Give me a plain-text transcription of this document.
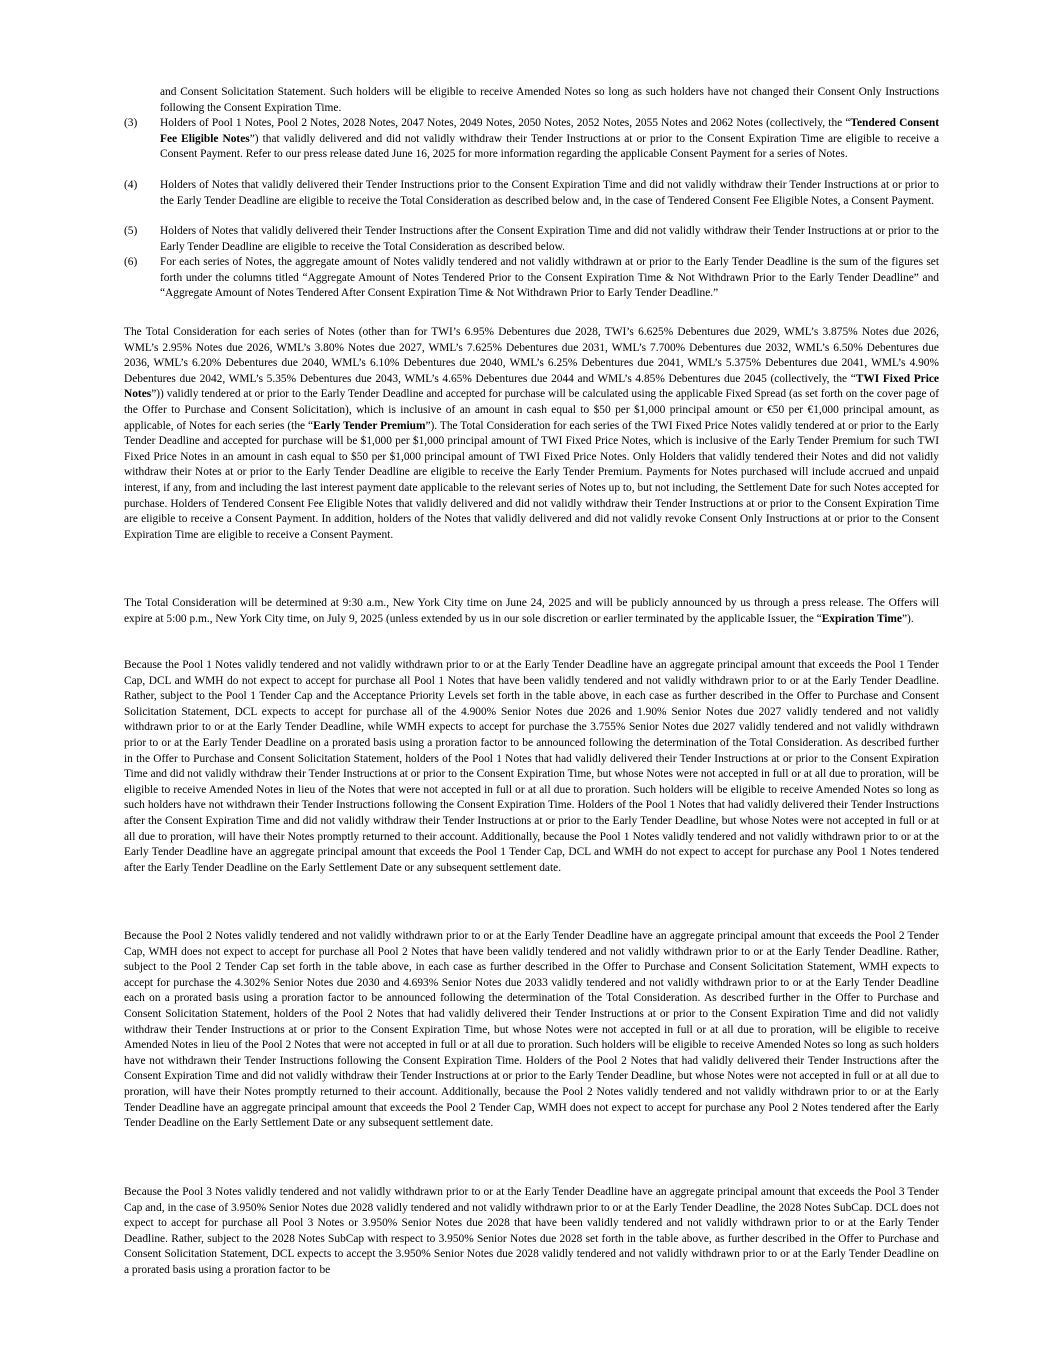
and Consent Solicitation Statement. Such holders will be eligible to receive Amended Notes so long as such holders have not changed their Consent Only Instructions following the Consent Expiration Time.

(3)	Holders of Pool 1 Notes, Pool 2 Notes, 2028 Notes, 2047 Notes, 2049 Notes, 2050 Notes, 2052 Notes, 2055 Notes and 2062 Notes (collectively, the “Tendered Consent Fee Eligible Notes”) that validly delivered and did not validly withdraw their Tender Instructions at or prior to the Consent Expiration Time are eligible to receive a Consent Payment. Refer to our press release dated June 16, 2025 for more information regarding the applicable Consent Payment for a series of Notes.
(4)	Holders of Notes that validly delivered their Tender Instructions prior to the Consent Expiration Time and did not validly withdraw their Tender Instructions at or prior to the Early Tender Deadline are eligible to receive the Total Consideration as described below and, in the case of Tendered Consent Fee Eligible Notes, a Consent Payment.
(5)	Holders of Notes that validly delivered their Tender Instructions after the Consent Expiration Time and did not validly withdraw their Tender Instructions at or prior to the Early Tender Deadline are eligible to receive the Total Consideration as described below.
(6)	For each series of Notes, the aggregate amount of Notes validly tendered and not validly withdrawn at or prior to the Early Tender Deadline is the sum of the figures set forth under the columns titled “Aggregate Amount of Notes Tendered Prior to the Consent Expiration Time & Not Withdrawn Prior to the Early Tender Deadline” and “Aggregate Amount of Notes Tendered After Consent Expiration Time & Not Withdrawn Prior to Early Tender Deadline.”

The Total Consideration for each series of Notes (other than for TWI’s 6.95% Debentures due 2028, TWI’s 6.625% Debentures due 2029, WML’s 3.875% Notes due 2026, WML’s 2.95% Notes due 2026, WML’s 3.80% Notes due 2027, WML’s 7.625% Debentures due 2031, WML’s 7.700% Debentures due 2032, WML’s 6.50% Debentures due 2036, WML’s 6.20% Debentures due 2040, WML’s 6.10% Debentures due 2040, WML’s 6.25% Debentures due 2041, WML’s 5.375% Debentures due 2041, WML’s 4.90% Debentures due 2042, WML’s 5.35% Debentures due 2043, WML’s 4.65% Debentures due 2044 and WML’s 4.85% Debentures due 2045 (collectively, the “TWI Fixed Price Notes”)) validly tendered at or prior to the Early Tender Deadline and accepted for purchase will be calculated using the applicable Fixed Spread (as set forth on the cover page of the Offer to Purchase and Consent Solicitation), which is inclusive of an amount in cash equal to $50 per $1,000 principal amount or €50 per €1,000 principal amount, as applicable, of Notes for each series (the “Early Tender Premium”). The Total Consideration for each series of the TWI Fixed Price Notes validly tendered at or prior to the Early Tender Deadline and accepted for purchase will be $1,000 per $1,000 principal amount of TWI Fixed Price Notes, which is inclusive of the Early Tender Premium for such TWI Fixed Price Notes in an amount in cash equal to $50 per $1,000 principal amount of TWI Fixed Price Notes. Only Holders that validly tendered their Notes and did not validly withdraw their Notes at or prior to the Early Tender Deadline are eligible to receive the Early Tender Premium. Payments for Notes purchased will include accrued and unpaid interest, if any, from and including the last interest payment date applicable to the relevant series of Notes up to, but not including, the Settlement Date for such Notes accepted for purchase. Holders of Tendered Consent Fee Eligible Notes that validly delivered and did not validly withdraw their Tender Instructions at or prior to the Consent Expiration Time are eligible to receive a Consent Payment. In addition, holders of the Notes that validly delivered and did not validly revoke Consent Only Instructions at or prior to the Consent Expiration Time are eligible to receive a Consent Payment.

The Total Consideration will be determined at 9:30 a.m., New York City time on June 24, 2025 and will be publicly announced by us through a press release. The Offers will expire at 5:00 p.m., New York City time, on July 9, 2025 (unless extended by us in our sole discretion or earlier terminated by the applicable Issuer, the “Expiration Time”).

Because the Pool 1 Notes validly tendered and not validly withdrawn prior to or at the Early Tender Deadline have an aggregate principal amount that exceeds the Pool 1 Tender Cap, DCL and WMH do not expect to accept for purchase all Pool 1 Notes that have been validly tendered and not validly withdrawn prior to or at the Early Tender Deadline. Rather, subject to the Pool 1 Tender Cap and the Acceptance Priority Levels set forth in the table above, in each case as further described in the Offer to Purchase and Consent Solicitation Statement, DCL expects to accept for purchase all of the 4.900% Senior Notes due 2026 and 1.90% Senior Notes due 2027 validly tendered and not validly withdrawn prior to or at the Early Tender Deadline, while WMH expects to accept for purchase the 3.755% Senior Notes due 2027 validly tendered and not validly withdrawn prior to or at the Early Tender Deadline on a prorated basis using a proration factor to be announced following the determination of the Total Consideration. As described further in the Offer to Purchase and Consent Solicitation Statement, holders of the Pool 1 Notes that had validly delivered their Tender Instructions at or prior to the Consent Expiration Time and did not validly withdraw their Tender Instructions at or prior to the Consent Expiration Time, but whose Notes were not accepted in full or at all due to proration, will be eligible to receive Amended Notes in lieu of the Notes that were not accepted in full or at all due to proration. Such holders will be eligible to receive Amended Notes so long as such holders have not withdrawn their Tender Instructions following the Consent Expiration Time. Holders of the Pool 1 Notes that had validly delivered their Tender Instructions after the Consent Expiration Time and did not validly withdraw their Tender Instructions at or prior to the Early Tender Deadline, but whose Notes were not accepted in full or at all due to proration, will have their Notes promptly returned to their account. Additionally, because the Pool 1 Notes validly tendered and not validly withdrawn prior to or at the Early Tender Deadline have an aggregate principal amount that exceeds the Pool 1 Tender Cap, DCL and WMH do not expect to accept for purchase any Pool 1 Notes tendered after the Early Tender Deadline on the Early Settlement Date or any subsequent settlement date.

Because the Pool 2 Notes validly tendered and not validly withdrawn prior to or at the Early Tender Deadline have an aggregate principal amount that exceeds the Pool 2 Tender Cap, WMH does not expect to accept for purchase all Pool 2 Notes that have been validly tendered and not validly withdrawn prior to or at the Early Tender Deadline. Rather, subject to the Pool 2 Tender Cap set forth in the table above, in each case as further described in the Offer to Purchase and Consent Solicitation Statement, WMH expects to accept for purchase the 4.302% Senior Notes due 2030 and 4.693% Senior Notes due 2033 validly tendered and not validly withdrawn prior to or at the Early Tender Deadline each on a prorated basis using a proration factor to be announced following the determination of the Total Consideration. As described further in the Offer to Purchase and Consent Solicitation Statement, holders of the Pool 2 Notes that had validly delivered their Tender Instructions at or prior to the Consent Expiration Time and did not validly withdraw their Tender Instructions at or prior to the Consent Expiration Time, but whose Notes were not accepted in full or at all due to proration, will be eligible to receive Amended Notes in lieu of the Pool 2 Notes that were not accepted in full or at all due to proration. Such holders will be eligible to receive Amended Notes so long as such holders have not withdrawn their Tender Instructions following the Consent Expiration Time. Holders of the Pool 2 Notes that had validly delivered their Tender Instructions after the Consent Expiration Time and did not validly withdraw their Tender Instructions at or prior to the Early Tender Deadline, but whose Notes were not accepted in full or at all due to proration, will have their Notes promptly returned to their account. Additionally, because the Pool 2 Notes validly tendered and not validly withdrawn prior to or at the Early Tender Deadline have an aggregate principal amount that exceeds the Pool 2 Tender Cap, WMH does not expect to accept for purchase any Pool 2 Notes tendered after the Early Tender Deadline on the Early Settlement Date or any subsequent settlement date.

Because the Pool 3 Notes validly tendered and not validly withdrawn prior to or at the Early Tender Deadline have an aggregate principal amount that exceeds the Pool 3 Tender Cap and, in the case of 3.950% Senior Notes due 2028 validly tendered and not validly withdrawn prior to or at the Early Tender Deadline, the 2028 Notes SubCap. DCL does not expect to accept for purchase all Pool 3 Notes or 3.950% Senior Notes due 2028 that have been validly tendered and not validly withdrawn prior to or at the Early Tender Deadline. Rather, subject to the 2028 Notes SubCap with respect to 3.950% Senior Notes due 2028 set forth in the table above, as further described in the Offer to Purchase and Consent Solicitation Statement, DCL expects to accept the 3.950% Senior Notes due 2028 validly tendered and not validly withdrawn prior to or at the Early Tender Deadline on a prorated basis using a proration factor to be
